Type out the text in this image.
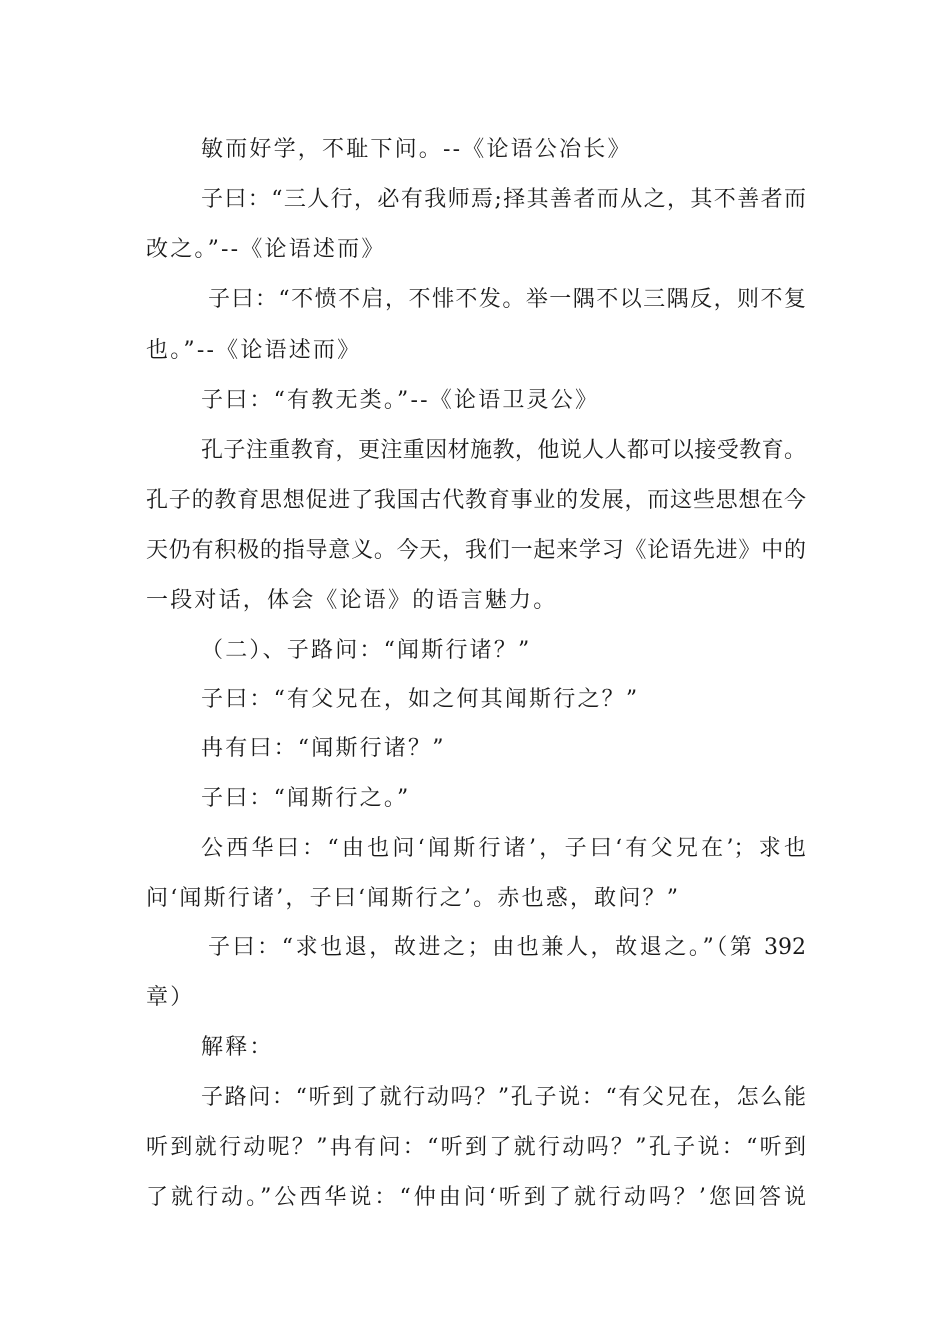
敏而好学，不耻下问。--《论语公冶长》
子曰：“三人行，必有我师焉;择其善者而从之，其不善者而
改之。”--《论语述而》
子曰：“不愤不启，不悱不发。举一隅不以三隅反，则不复
也。”--《论语述而》
子曰：“有教无类。”--《论语卫灵公》
孔子注重教育，更注重因材施教，他说人人都可以接受教育。
孔子的教育思想促进了我国古代教育事业的发展，而这些思想在今
天仍有积极的指导意义。今天，我们一起来学习《论语先进》中的
一段对话，体会《论语》的语言魅力。
（二）、子路问：“闻斯行诸？”
子曰：“有父兄在，如之何其闻斯行之？”
冉有曰：“闻斯行诸？”
子曰：“闻斯行之。”
公西华曰：“由也问‘闻斯行诸’，子曰‘有父兄在’；求也
问‘闻斯行诸’，子曰‘闻斯行之’。赤也惑，敢问？”
子曰：“求也退，故进之；由也兼人，故退之。”（第 392
章）
解释：
子路问：“听到了就行动吗？”孔子说：“有父兄在，怎么能
听到就行动呢？”冉有问：“听到了就行动吗？”孔子说：“听到
了就行动。”公西华说：“仲由问‘听到了就行动吗？’您回答说
